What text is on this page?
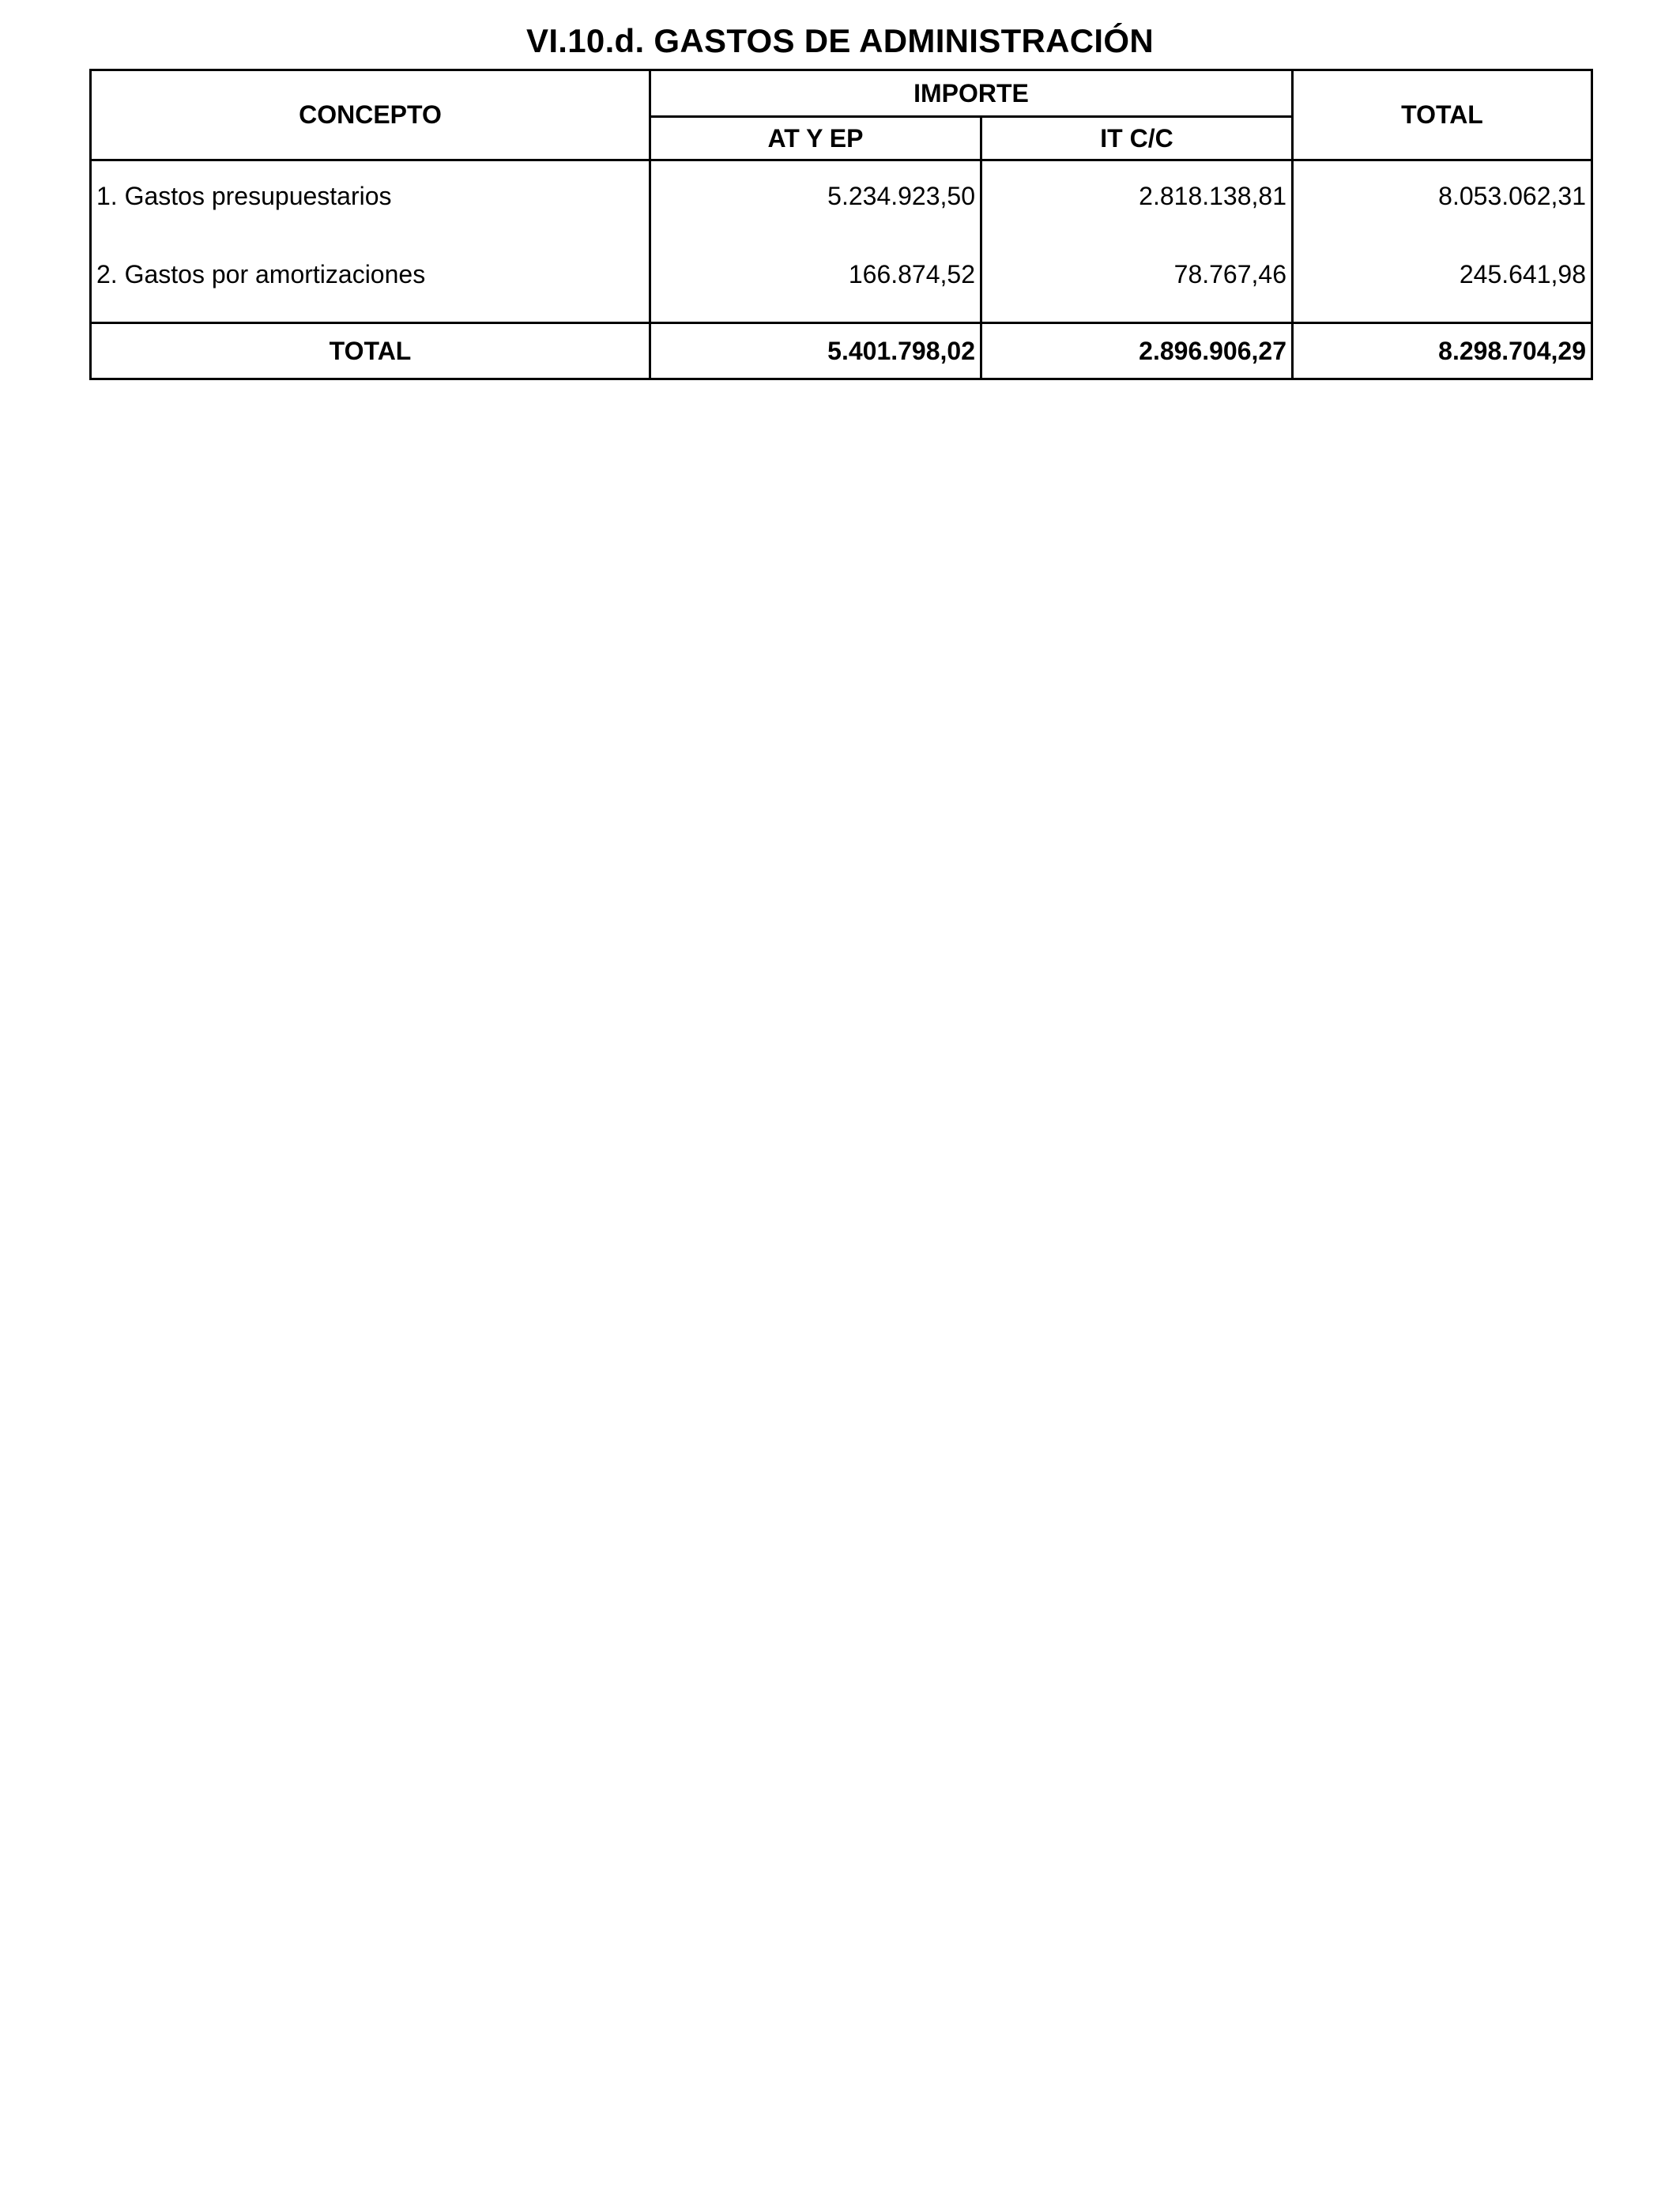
VI.10.d. GASTOS DE ADMINISTRACIÓN
CONCEPTO	IMPORTE		TOTAL
	AT Y EP	IT C/C	
1. Gastos presupuestarios	5.234.923,50	2.818.138,81	8.053.062,31
2. Gastos por amortizaciones	166.874,52	78.767,46	245.641,98
TOTAL	5.401.798,02	2.896.906,27	8.298.704,29
